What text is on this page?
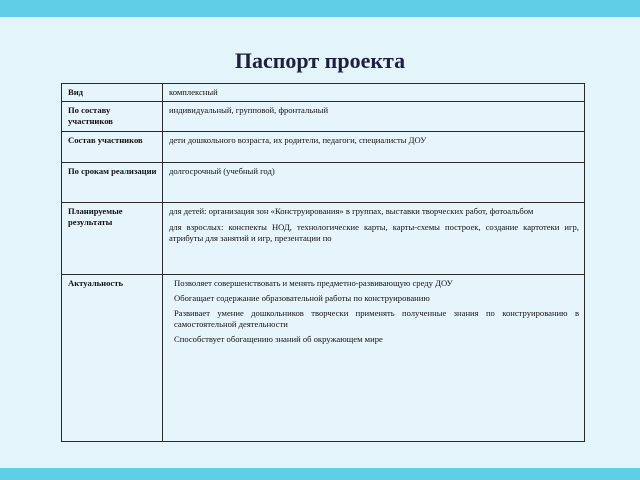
Паспорт проекта
Вид	комплексный
По составу участников	индивидуальный, групповой, фронтальный
Состав участников	дети дошкольного возраста, их родители, педагоги, специалисты ДОУ
По срокам реализации	долгосрочный (учебный год)
Планируемые результаты	для детей: организация зон «Конструирования» в группах, выставки творческих работ, фотоальбом

для взрослых: конспекты НОД, технологические карты, карты-схемы построек, создание картотеки игр, атрибуты для занятий и игр, презентации по

Актуальность	Позволяет совершенствовать и менять предметно-развивающую среду ДОУ

Обогащает содержание образовательной работы по конструированию

Развивает умение дошкольников творчески применять полученные знания по конструированию в самостоятельной деятельности

Способствует обогащению знаний об окружающем мире
